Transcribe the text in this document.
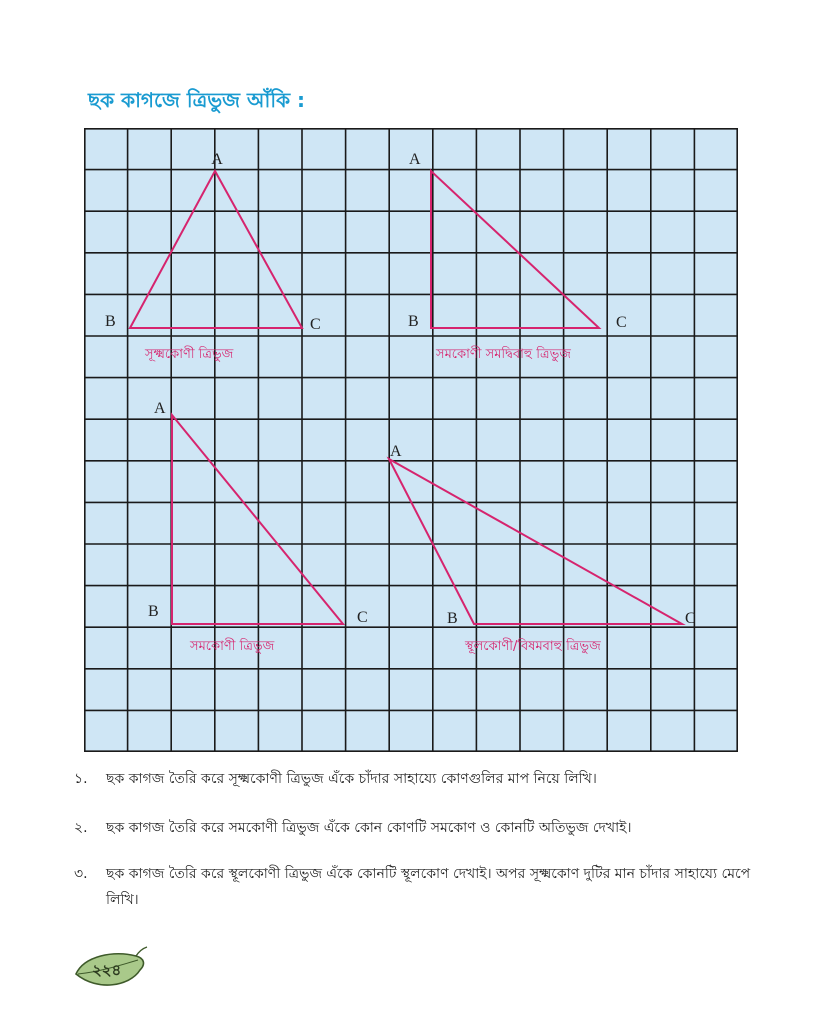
ছক কাগজে ত্রিভুজ আঁকি :
A
B	C
সূক্ষ্মকোণী ত্রিভুজ
A
B	C
সমকোণী সমদ্বিবাহু ত্রিভুজ
A
B	C
সমকোণী ত্রিভুজ
A
B	C
স্থূলকোণী/বিষমবাহু ত্রিভুজ
১. ছক কাগজ তৈরি করে সূক্ষ্মকোণী ত্রিভুজ এঁকে চাঁদার সাহায্যে কোণগুলির মাপ নিয়ে লিখি।
২. ছক কাগজ তৈরি করে সমকোণী ত্রিভুজ এঁকে কোন কোণটি সমকোণ ও কোনটি অতিভুজ দেখাই।
৩. ছক কাগজ তৈরি করে স্থূলকোণী ত্রিভুজ এঁকে কোনটি স্থূলকোণ দেখাই। অপর সূক্ষ্মকোণ দুটির মান চাঁদার সাহায্যে মেপে লিখি।
২২৪
